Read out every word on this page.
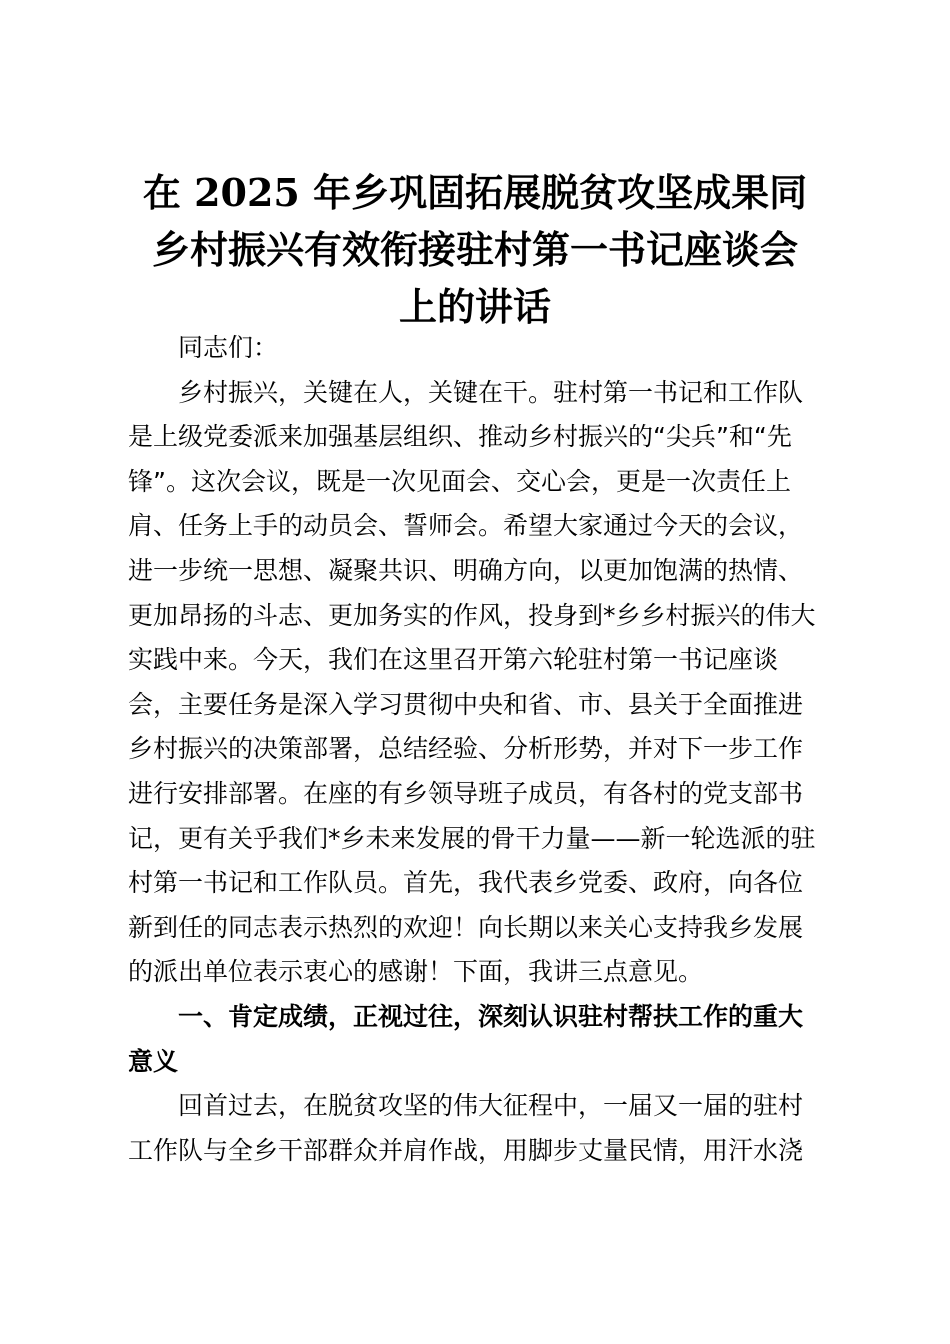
在 2025 年乡巩固拓展脱贫攻坚成果同
乡村振兴有效衔接驻村第一书记座谈会
上的讲话
同志们：
乡村振兴，关键在人，关键在干。驻村第一书记和工作队
是上级党委派来加强基层组织、推动乡村振兴的“尖兵”和“先
锋”。这次会议，既是一次见面会、交心会，更是一次责任上
肩、任务上手的动员会、誓师会。希望大家通过今天的会议，
进一步统一思想、凝聚共识、明确方向，以更加饱满的热情、
更加昂扬的斗志、更加务实的作风，投身到*乡乡村振兴的伟大
实践中来。今天，我们在这里召开第六轮驻村第一书记座谈
会，主要任务是深入学习贯彻中央和省、市、县关于全面推进
乡村振兴的决策部署，总结经验、分析形势，并对下一步工作
进行安排部署。在座的有乡领导班子成员，有各村的党支部书
记，更有关乎我们*乡未来发展的骨干力量——新一轮选派的驻
村第一书记和工作队员。首先，我代表乡党委、政府，向各位
新到任的同志表示热烈的欢迎！向长期以来关心支持我乡发展
的派出单位表示衷心的感谢！下面，我讲三点意见。
一、肯定成绩，正视过往，深刻认识驻村帮扶工作的重大
意义
回首过去，在脱贫攻坚的伟大征程中，一届又一届的驻村
工作队与全乡干部群众并肩作战，用脚步丈量民情，用汗水浇
